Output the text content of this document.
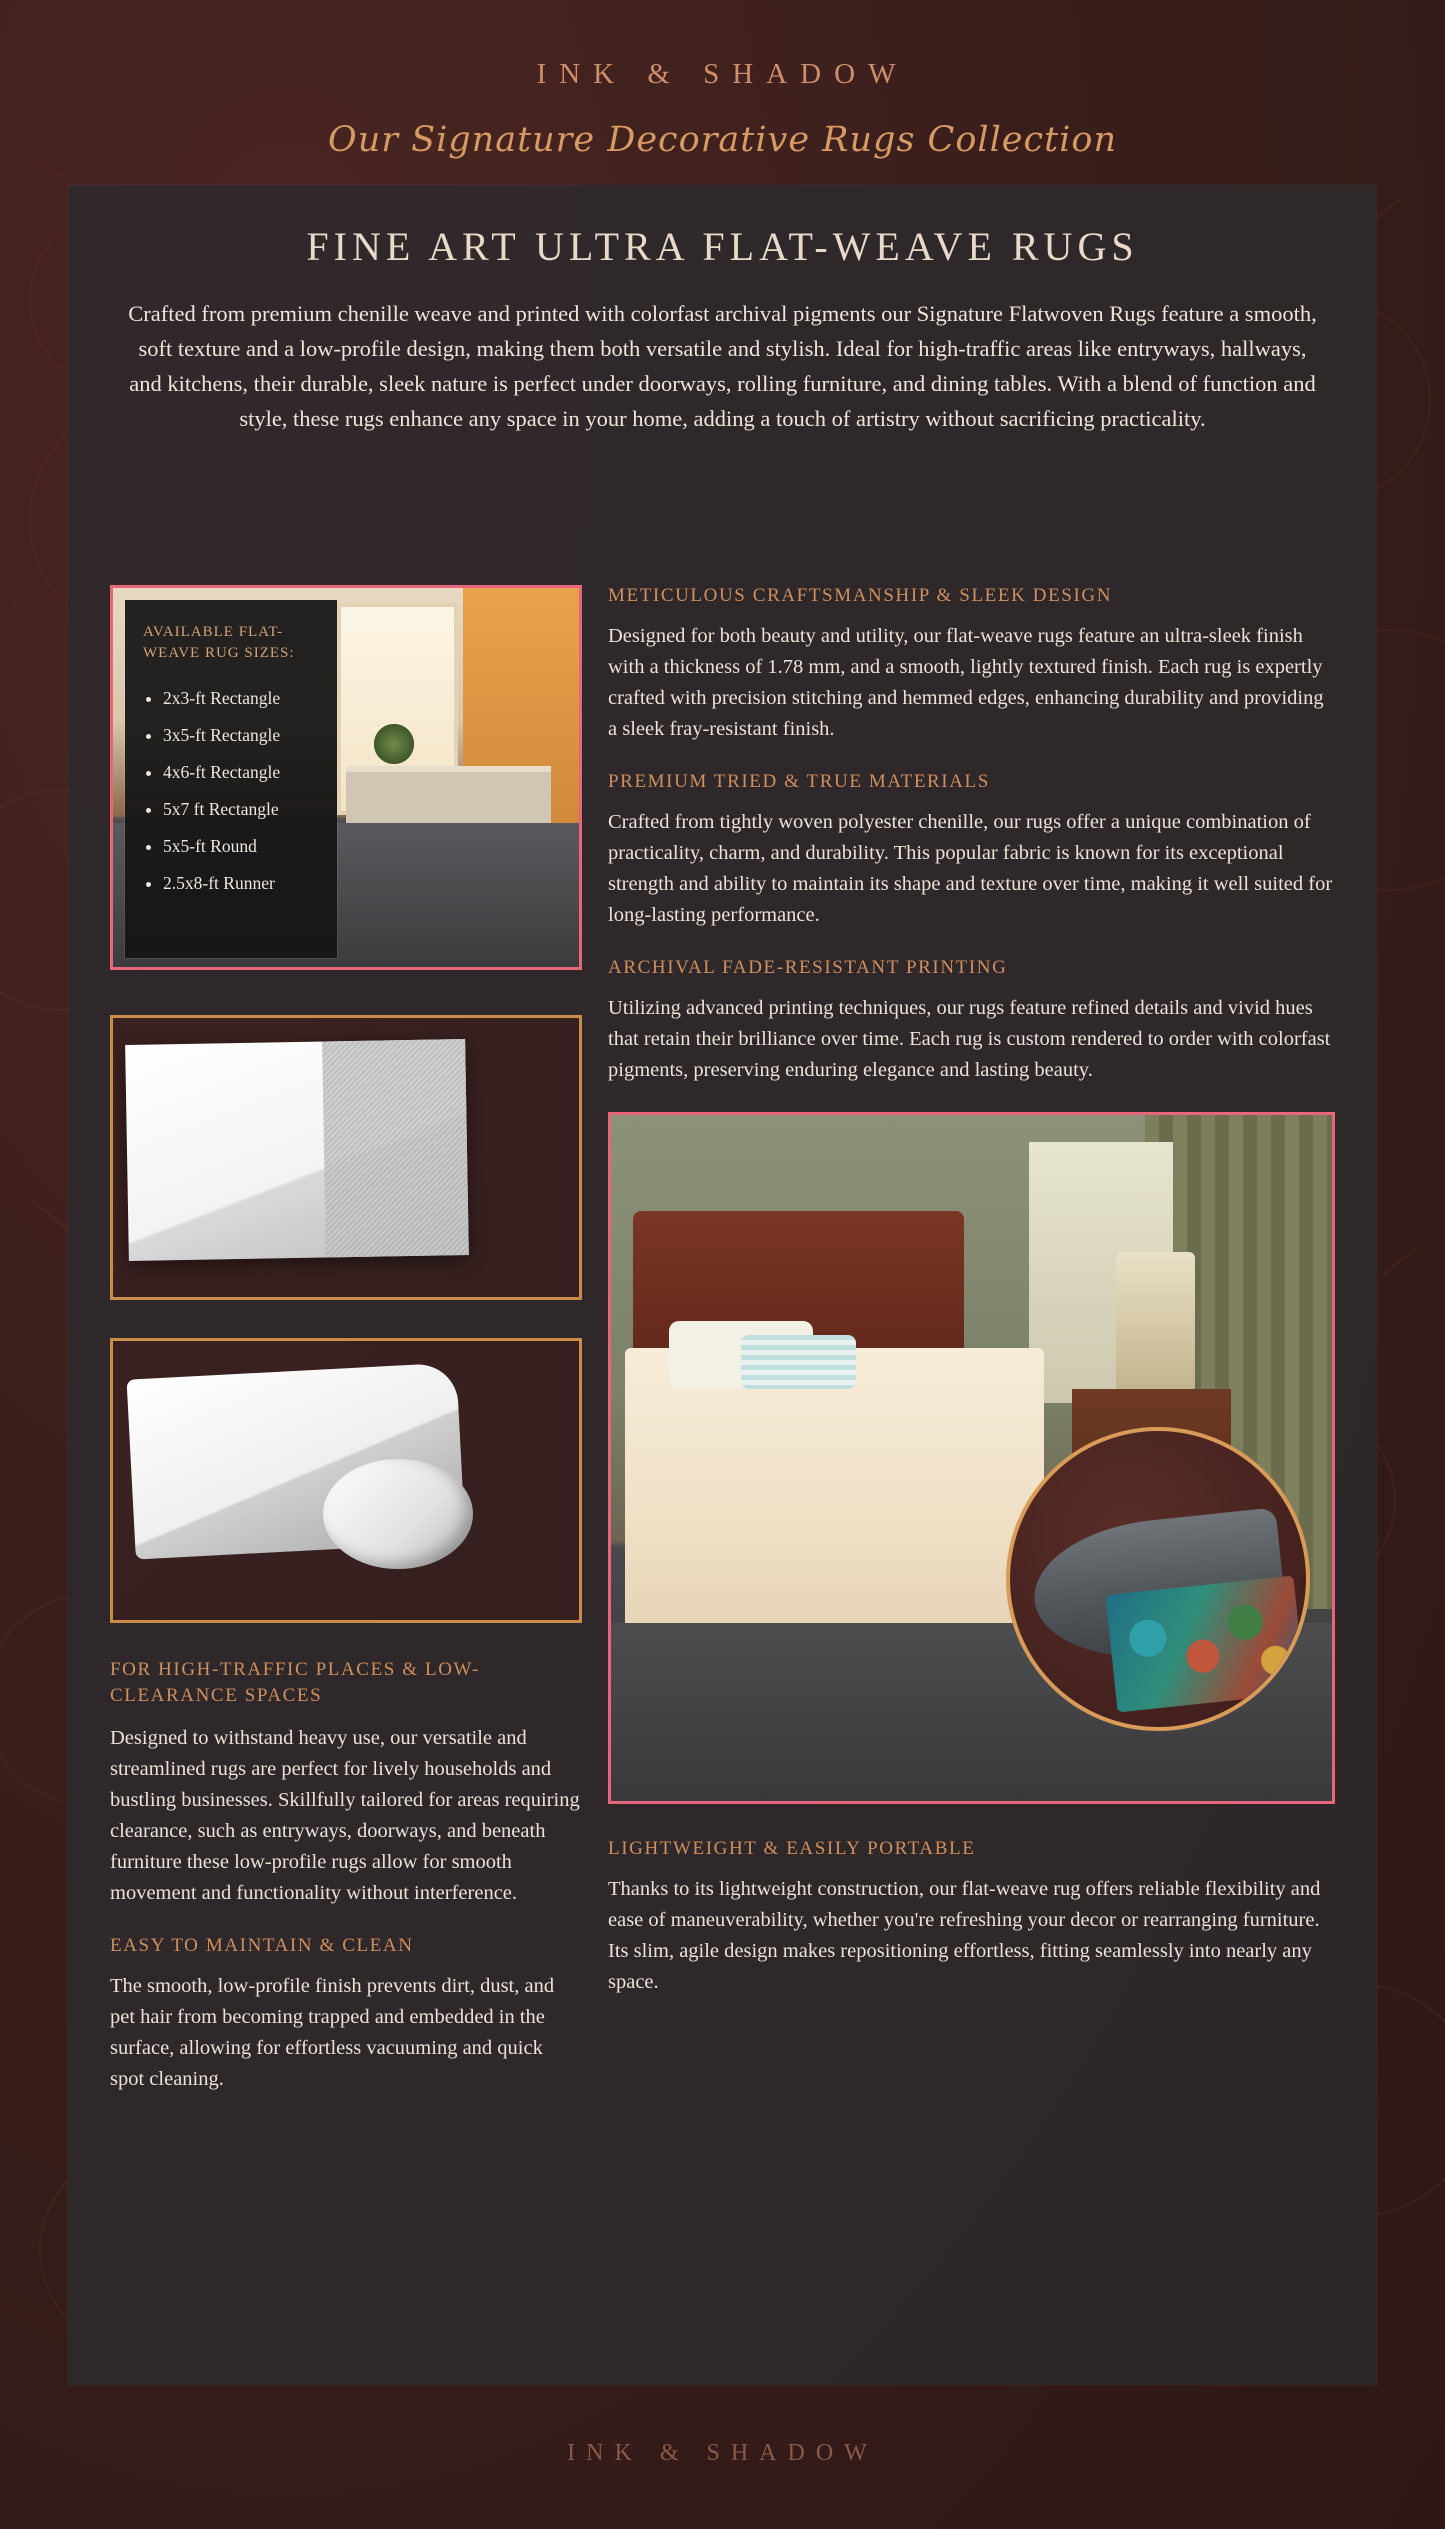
INK & SHADOW
Our Signature Decorative Rugs Collection
FINE ART ULTRA FLAT-WEAVE RUGS

Crafted from premium chenille weave and printed with colorfast archival pigments our Signature Flatwoven Rugs feature a smooth, soft texture and a low-profile design, making them both versatile and stylish. Ideal for high-traffic areas like entryways, hallways, and kitchens, their durable, sleek nature is perfect under doorways, rolling furniture, and dining tables. With a blend of function and style, these rugs enhance any space in your home, adding a touch of artistry without sacrificing practicality.

AVAILABLE FLAT-WEAVE RUG SIZES:
• 2x3-ft Rectangle
• 3x5-ft Rectangle
• 4x6-ft Rectangle
• 5x7 ft Rectangle
• 5x5-ft Round
• 2.5x8-ft Runner
FOR HIGH-TRAFFIC PLACES & LOW-CLEARANCE SPACES

Designed to withstand heavy use, our versatile and streamlined rugs are perfect for lively households and bustling businesses. Skillfully tailored for areas requiring clearance, such as entryways, doorways, and beneath furniture these low-profile rugs allow for smooth movement and functionality without interference.

EASY TO MAINTAIN & CLEAN

The smooth, low-profile finish prevents dirt, dust, and pet hair from becoming trapped and embedded in the surface, allowing for effortless vacuuming and quick spot cleaning.

METICULOUS CRAFTSMANSHIP & SLEEK DESIGN

Designed for both beauty and utility, our flat-weave rugs feature an ultra-sleek finish with a thickness of 1.78 mm, and a smooth, lightly textured finish. Each rug is expertly crafted with precision stitching and hemmed edges, enhancing durability and providing a sleek fray-resistant finish.

PREMIUM TRIED & TRUE MATERIALS

Crafted from tightly woven polyester chenille, our rugs offer a unique combination of practicality, charm, and durability. This popular fabric is known for its exceptional strength and ability to maintain its shape and texture over time, making it well suited for long-lasting performance.

ARCHIVAL FADE-RESISTANT PRINTING

Utilizing advanced printing techniques, our rugs feature refined details and vivid hues that retain their brilliance over time. Each rug is custom rendered to order with colorfast pigments, preserving enduring elegance and lasting beauty.

LIGHTWEIGHT & EASILY PORTABLE

Thanks to its lightweight construction, our flat-weave rug offers reliable flexibility and ease of maneuverability, whether you're refreshing your decor or rearranging furniture. Its slim, agile design makes repositioning effortless, fitting seamlessly into nearly any space.

INK & SHADOW
